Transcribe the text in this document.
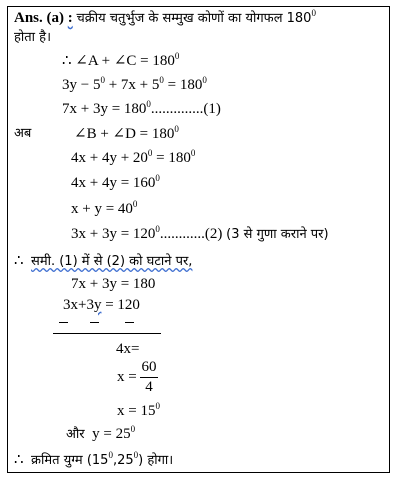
Ans. (a) : चक्रीय चतुर्भुज के सम्मुख कोणों का योगफल $180^0$
होता है।
∴ ∠A + ∠C = $180^0$
$3y - 5^0 + 7x + 5^0 = 180^0$
$7x + 3y = 180^0..............(1)$
अब	∠B + ∠D = $180^0$
$4x + 4y + 20^0 = 180^0$
$4x + 4y = 160^0$
$x + y = 40^0$
$3x + 3y = 120^0............(2)$ (3 से गुणा कराने पर)
∴ समी. (1) में से (2) को घटाने पर,
7x + 3y = 180
3x+3y = 120
4x=
x =
60
4
$x = 15^0$
और $y = 25^0$
∴ क्रमित युग्म $(15^0,25^0)$ होगा।
